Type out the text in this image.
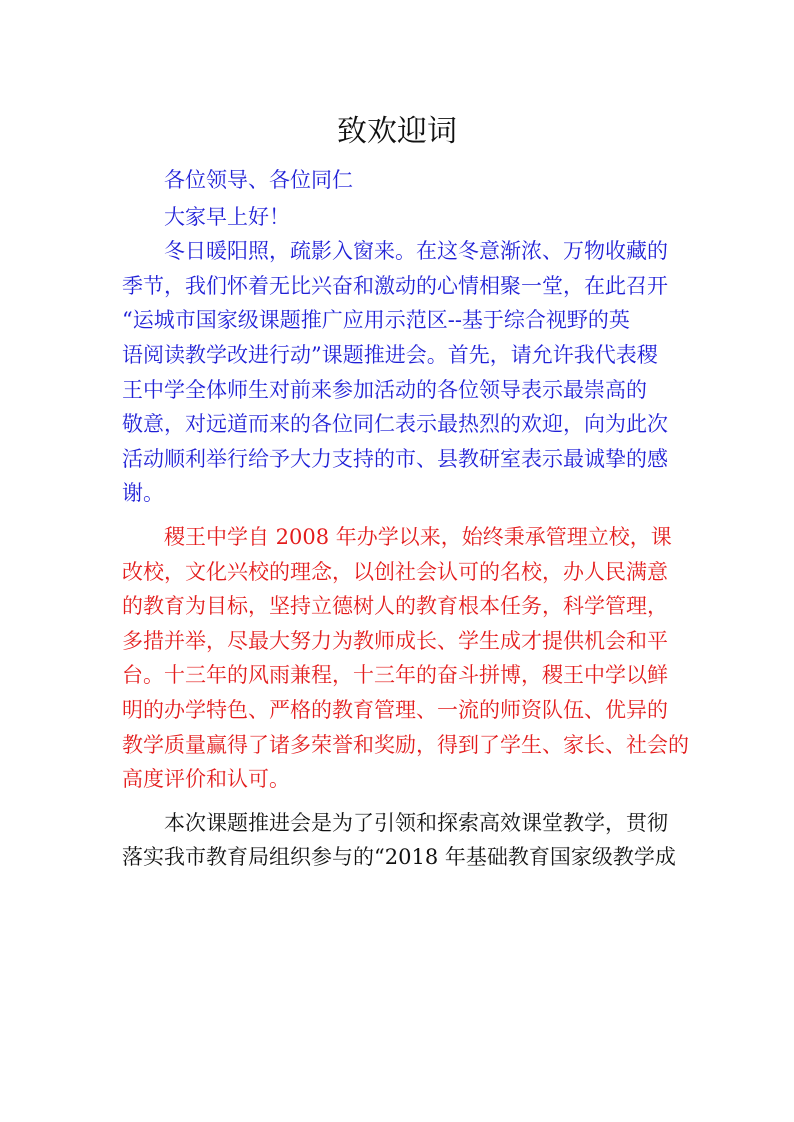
致欢迎词

各位领导、各位同仁

大家早上好！

冬日暖阳照，疏影入窗来。在这冬意渐浓、万物收藏的
季节，我们怀着无比兴奋和激动的心情相聚一堂，在此召开
“运城市国家级课题推广应用示范区--基于综合视野的英
语阅读教学改进行动”课题推进会。首先，请允许我代表稷
王中学全体师生对前来参加活动的各位领导表示最崇高的
敬意，对远道而来的各位同仁表示最热烈的欢迎，向为此次
活动顺利举行给予大力支持的市、县教研室表示最诚挚的感
谢。

稷王中学自 2008 年办学以来，始终秉承管理立校，课
改校，文化兴校的理念，以创社会认可的名校，办人民满意
的教育为目标，坚持立德树人的教育根本任务，科学管理，
多措并举，尽最大努力为教师成长、学生成才提供机会和平
台。十三年的风雨兼程，十三年的奋斗拼博，稷王中学以鲜
明的办学特色、严格的教育管理、一流的师资队伍、优异的
教学质量赢得了诸多荣誉和奖励，得到了学生、家长、社会的
高度评价和认可。

本次课题推进会是为了引领和探索高效课堂教学，贯彻
落实我市教育局组织参与的“2018 年基础教育国家级教学成
